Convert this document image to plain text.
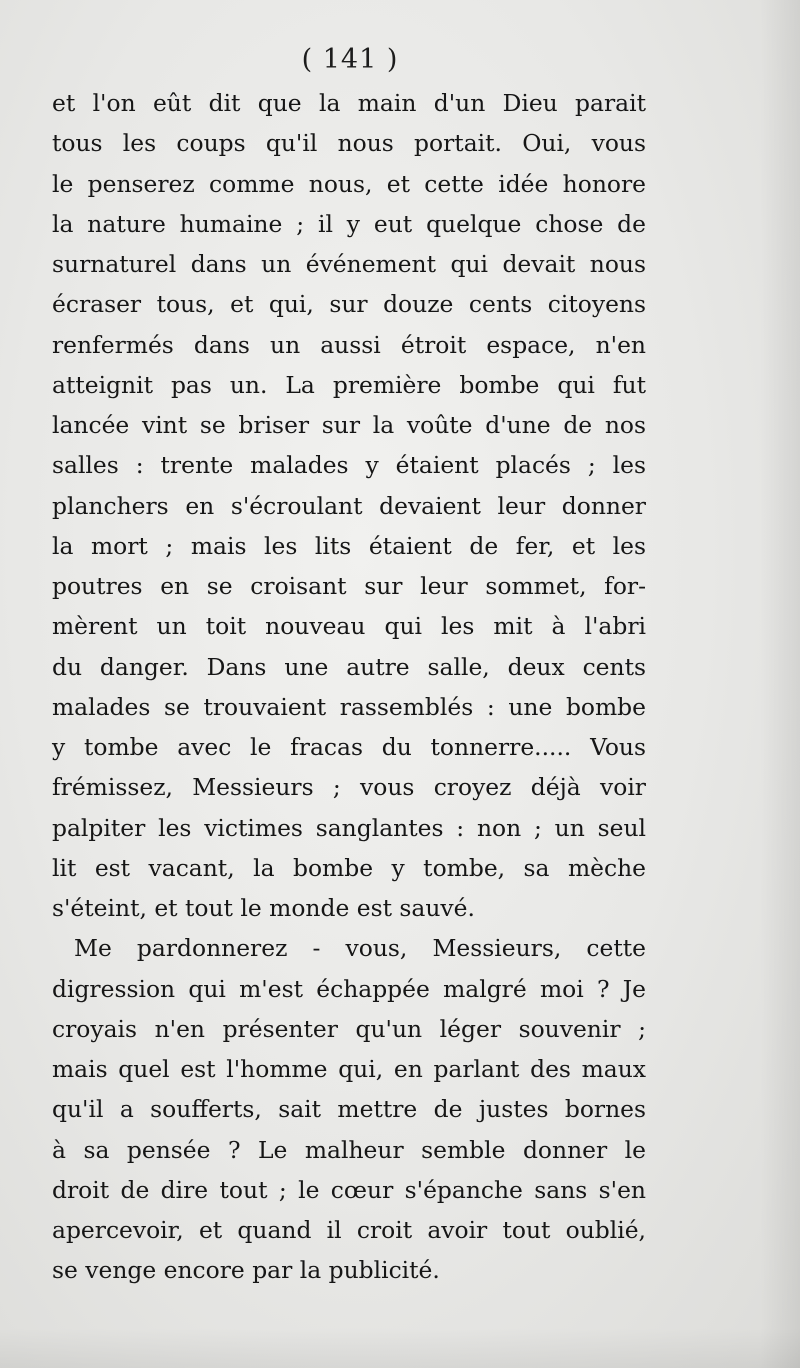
( 141 )
et l'on eût dit que la main d'un Dieu parait
tous les coups qu'il nous portait. Oui, vous
le penserez comme nous, et cette idée honore
la nature humaine ; il y eut quelque chose de
surnaturel dans un événement qui devait nous
écraser tous, et qui, sur douze cents citoyens
renfermés dans un aussi étroit espace, n'en
atteignit pas un. La première bombe qui fut
lancée vint se briser sur la voûte d'une de nos
salles : trente malades y étaient placés ; les
planchers en s'écroulant devaient leur donner
la mort ; mais les lits étaient de fer, et les
poutres en se croisant sur leur sommet, for-
mèrent un toit nouveau qui les mit à l'abri
du danger. Dans une autre salle, deux cents
malades se trouvaient rassemblés : une bombe
y tombe avec le fracas du tonnerre..... Vous
frémissez, Messieurs ; vous croyez déjà voir
palpiter les victimes sanglantes : non ; un seul
lit est vacant, la bombe y tombe, sa mèche
s'éteint, et tout le monde est sauvé.
Me pardonnerez - vous, Messieurs, cette
digression qui m'est échappée malgré moi ? Je
croyais n'en présenter qu'un léger souvenir ;
mais quel est l'homme qui, en parlant des maux
qu'il a soufferts, sait mettre de justes bornes
à sa pensée ? Le malheur semble donner le
droit de dire tout ; le cœur s'épanche sans s'en
apercevoir, et quand il croit avoir tout oublié,
se venge encore par la publicité.
